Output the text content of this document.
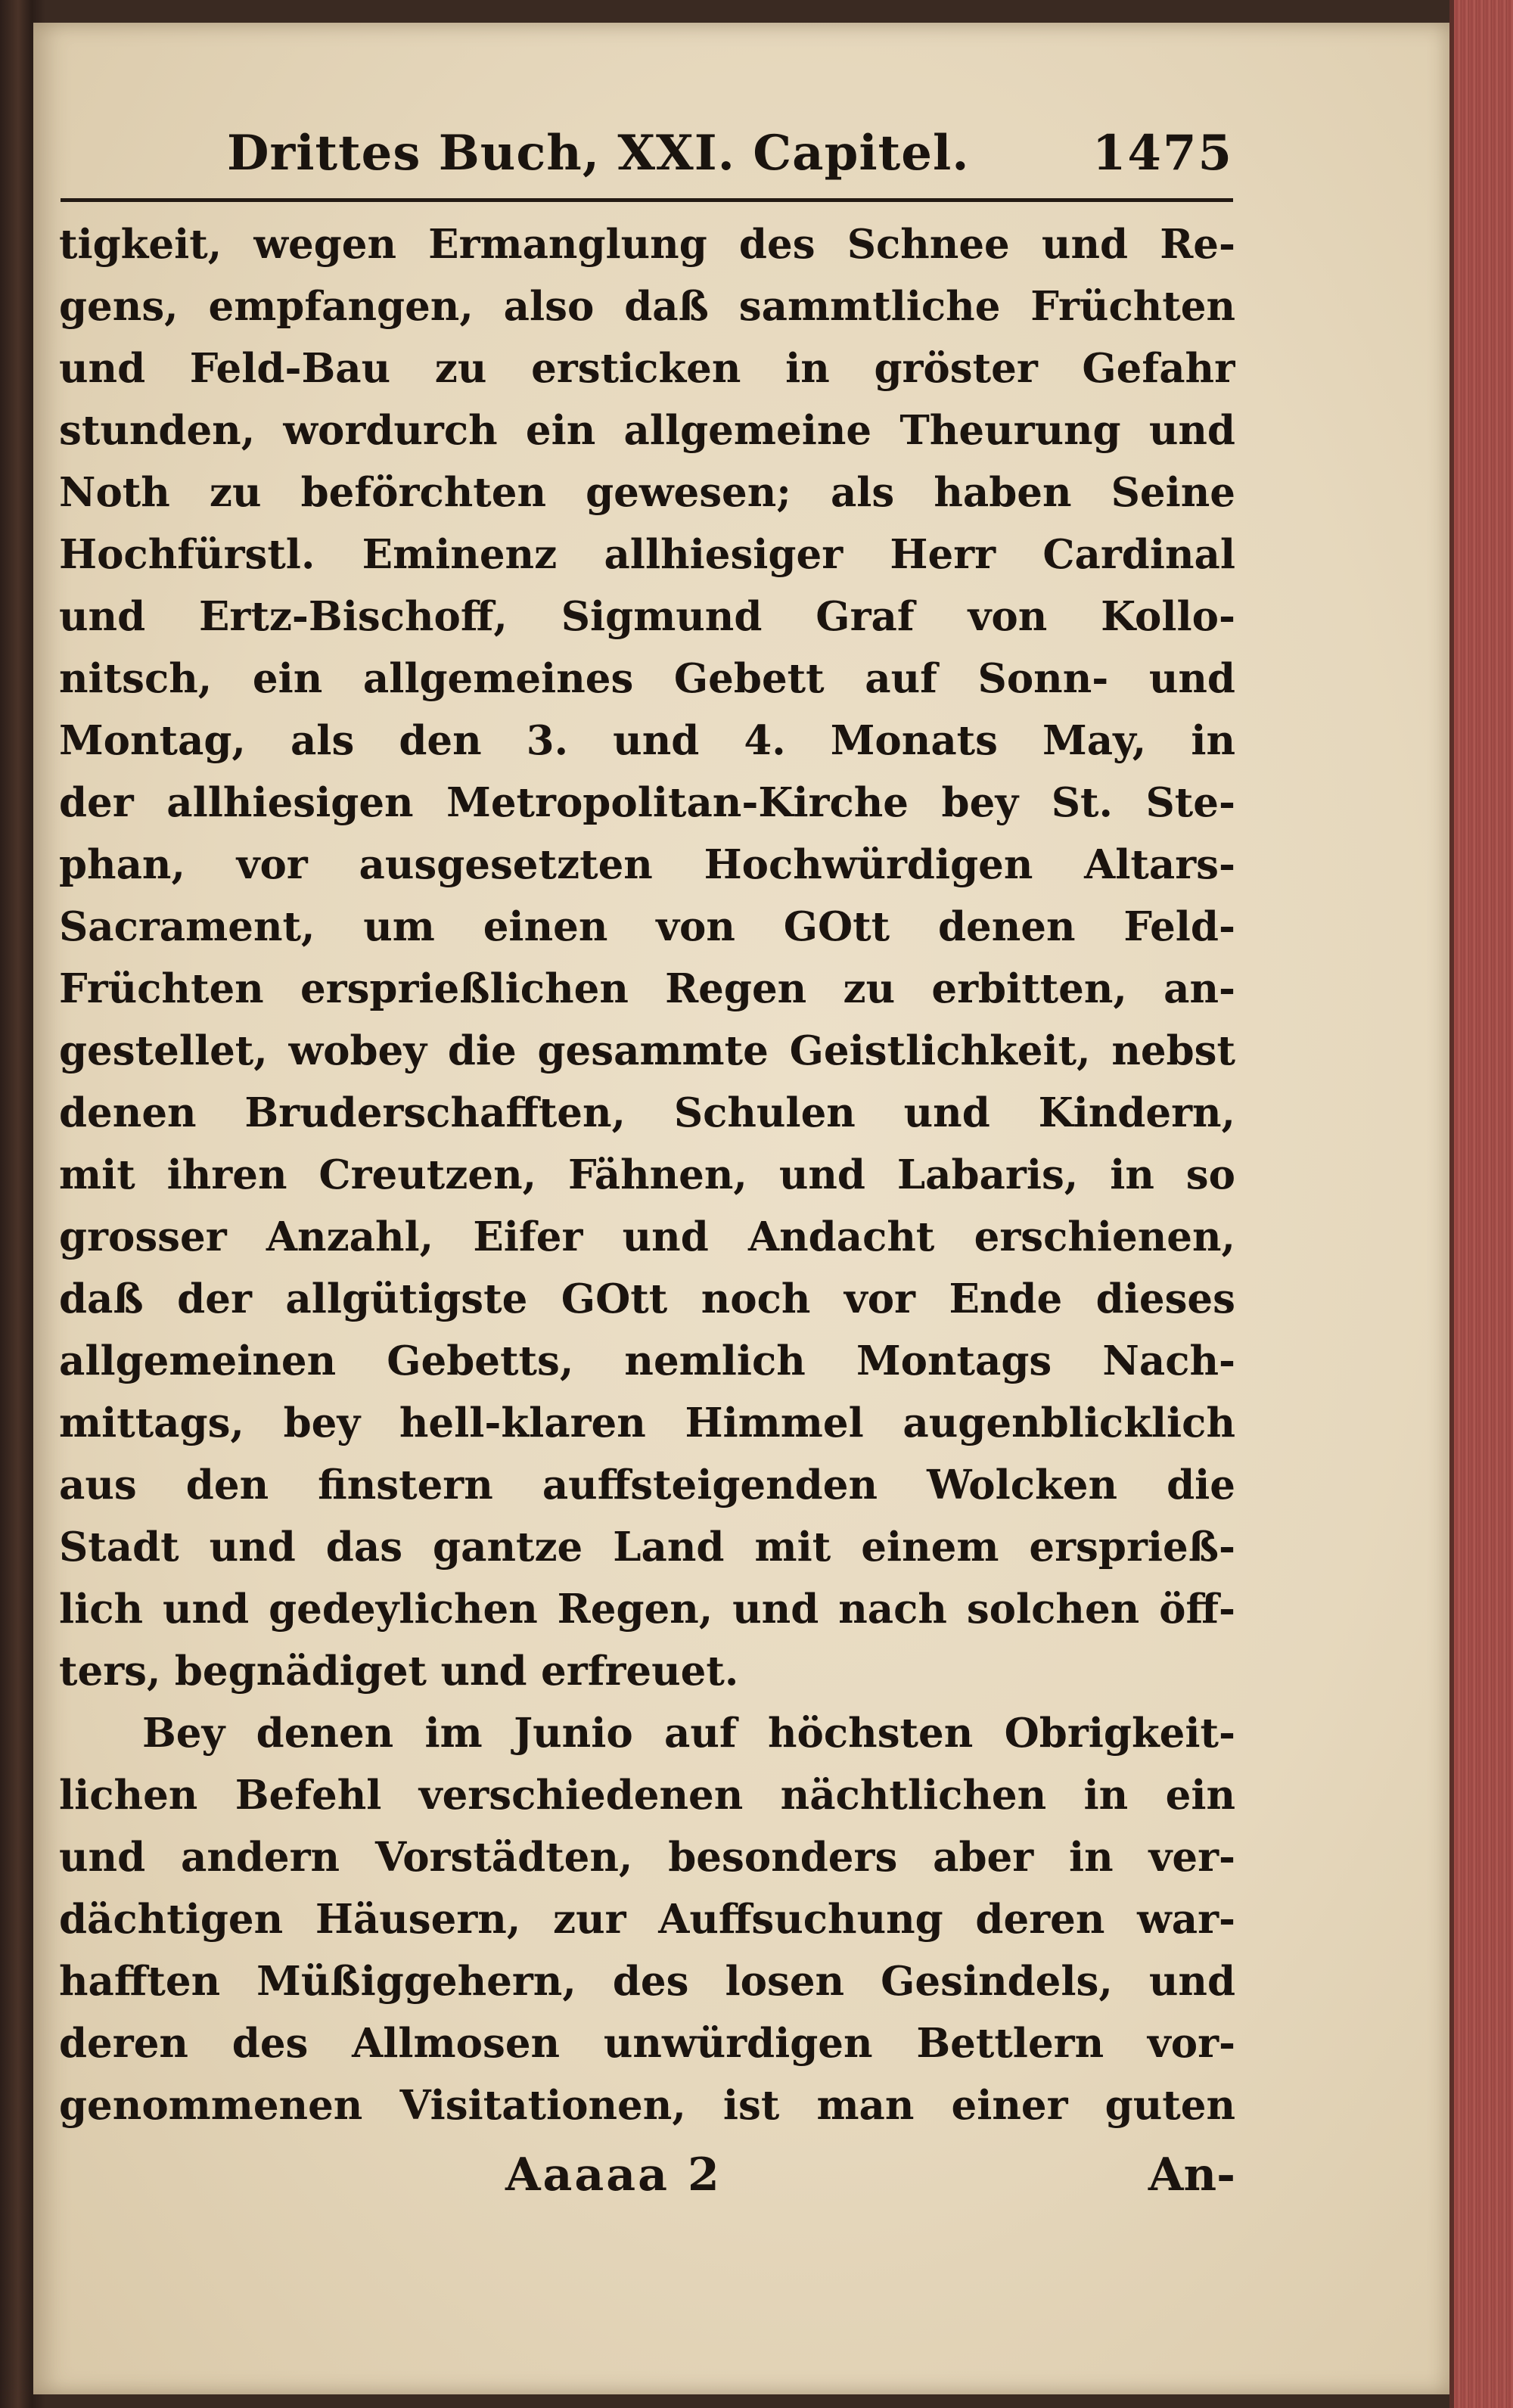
Drittes Buch, XXI. Capitel.	1475
tigkeit, wegen Ermanglung des Schnee und Re-
gens, empfangen, also daß sammtliche Früchten
und Feld-Bau zu ersticken in gröster Gefahr
stunden, wordurch ein allgemeine Theurung und
Noth zu beförchten gewesen; als haben Seine
Hochfürstl. Eminenz allhiesiger Herr Cardinal
und Ertz-Bischoff, Sigmund Graf von Kollo-
nitsch, ein allgemeines Gebett auf Sonn- und
Montag, als den 3. und 4. Monats May, in
der allhiesigen Metropolitan-Kirche bey St. Ste-
phan, vor ausgesetzten Hochwürdigen Altars-
Sacrament, um einen von GOtt denen Feld-
Früchten ersprießlichen Regen zu erbitten, an-
gestellet, wobey die gesammte Geistlichkeit, nebst
denen Bruderschafften, Schulen und Kindern,
mit ihren Creutzen, Fähnen, und Labaris, in so
grosser Anzahl, Eifer und Andacht erschienen,
daß der allgütigste GOtt noch vor Ende dieses
allgemeinen Gebetts, nemlich Montags Nach-
mittags, bey hell-klaren Himmel augenblicklich
aus den finstern auffsteigenden Wolcken die
Stadt und das gantze Land mit einem ersprieß-
lich und gedeylichen Regen, und nach solchen öff-
ters, begnädiget und erfreuet.
Bey denen im Junio auf höchsten Obrigkeit-
lichen Befehl verschiedenen nächtlichen in ein
und andern Vorstädten, besonders aber in ver-
dächtigen Häusern, zur Auffsuchung deren war-
hafften Müßiggehern, des losen Gesindels, und
deren des Allmosen unwürdigen Bettlern vor-
genommenen Visitationen, ist man einer guten
Aaaaa 2	An-
